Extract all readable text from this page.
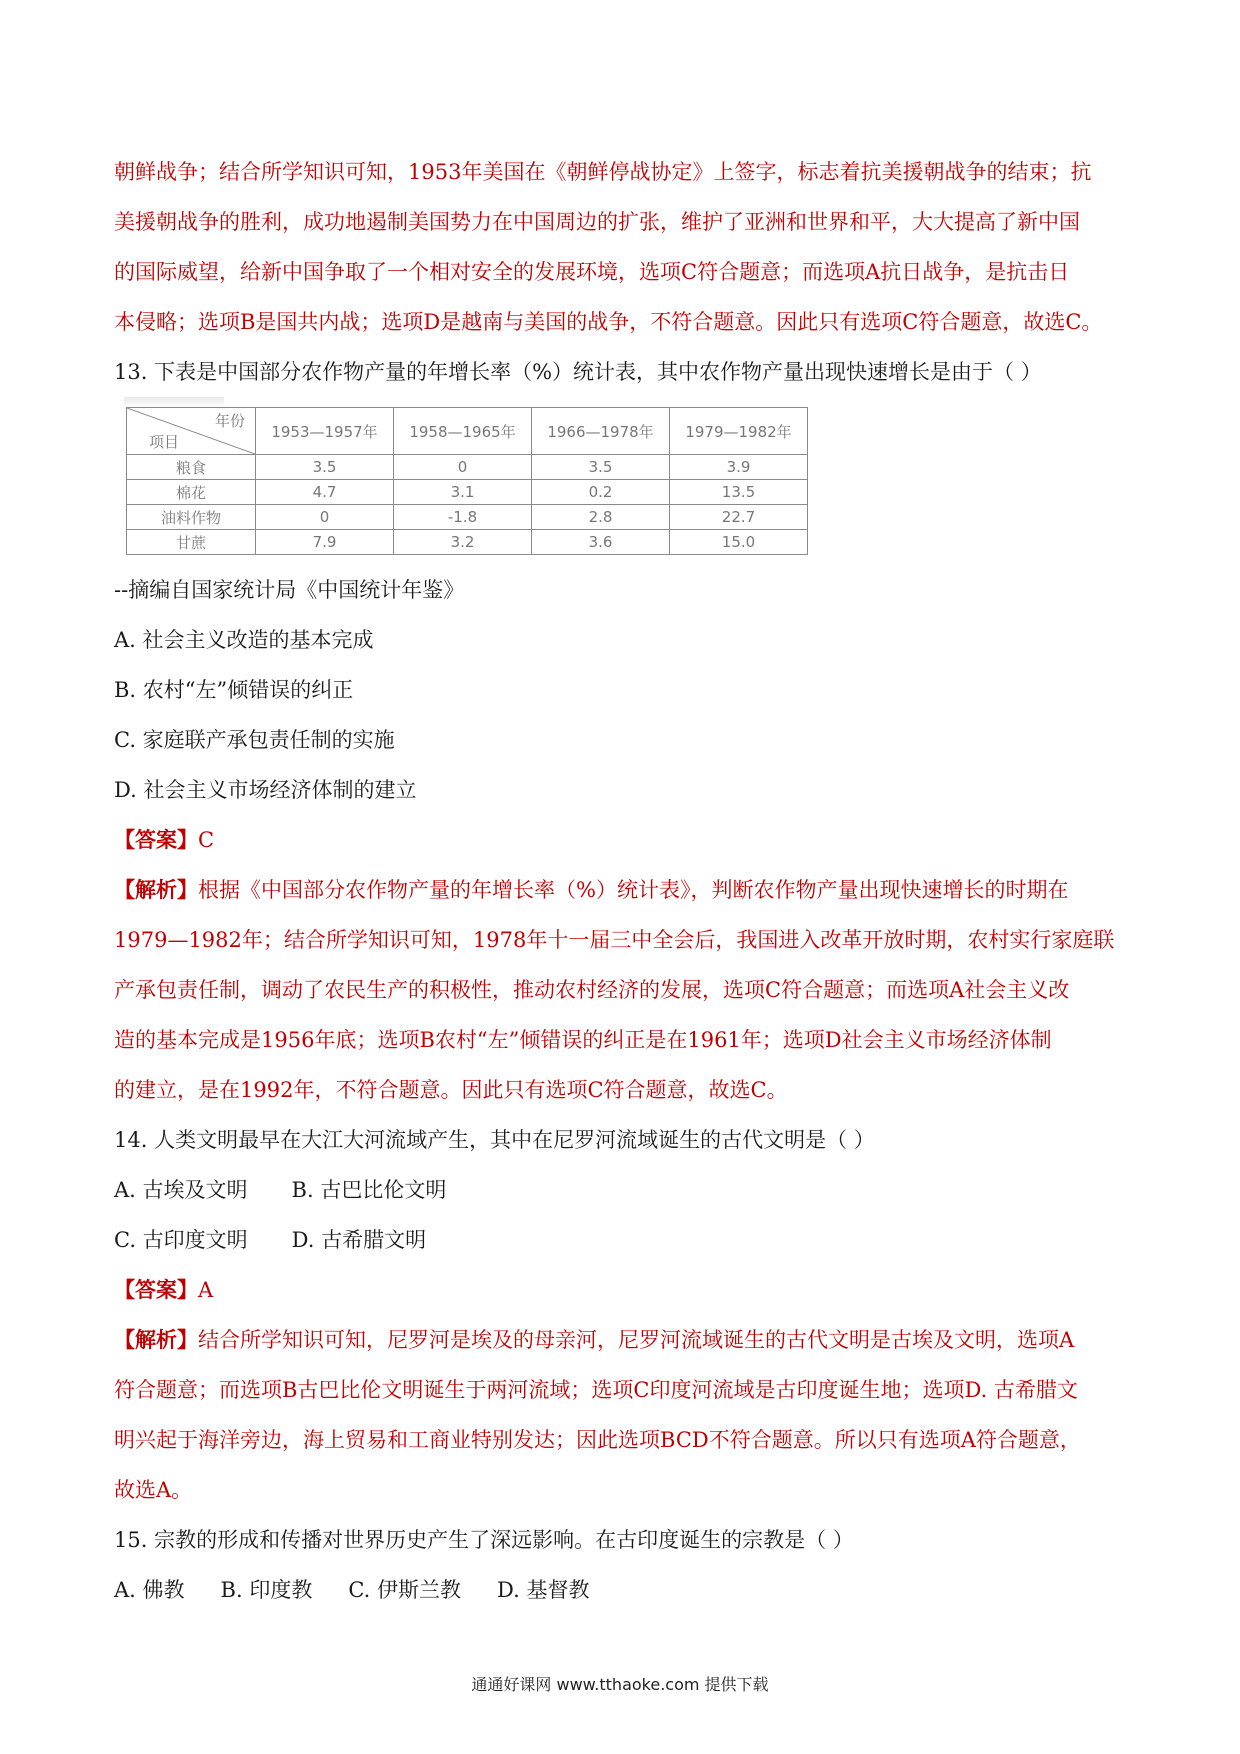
朝鲜战争；结合所学知识可知，1953年美国在《朝鲜停战协定》上签字，标志着抗美援朝战争的结束；抗
美援朝战争的胜利，成功地遏制美国势力在中国周边的扩张，维护了亚洲和世界和平，大大提高了新中国
的国际威望，给新中国争取了一个相对安全的发展环境，选项C符合题意；而选项A抗日战争，是抗击日
本侵略；选项B是国共内战；选项D是越南与美国的战争，不符合题意。因此只有选项C符合题意，故选C。
13. 下表是中国部分农作物产量的年增长率（%）统计表，其中农作物产量出现快速增长是由于（ ）
年份
项目	1953—1957年	1958—1965年	1966—1978年	1979—1982年
粮食	3.5	0	3.5	3.9
棉花	4.7	3.1	0.2	13.5
油料作物	0	-1.8	2.8	22.7
甘蔗	7.9	3.2	3.6	15.0
--摘编自国家统计局《中国统计年鉴》
A. 社会主义改造的基本完成
B. 农村“左”倾错误的纠正
C. 家庭联产承包责任制的实施
D. 社会主义市场经济体制的建立
【答案】C
【解析】根据《中国部分农作物产量的年增长率（%）统计表》，判断农作物产量出现快速增长的时期在
1979—1982年；结合所学知识可知，1978年十一届三中全会后，我国进入改革开放时期，农村实行家庭联
产承包责任制，调动了农民生产的积极性，推动农村经济的发展，选项C符合题意；而选项A社会主义改
造的基本完成是1956年底；选项B农村“左”倾错误的纠正是在1961年；选项D社会主义市场经济体制
的建立，是在1992年，不符合题意。因此只有选项C符合题意，故选C。
14. 人类文明最早在大江大河流域产生，其中在尼罗河流域诞生的古代文明是（ ）
A. 古埃及文明 B. 古巴比伦文明
C. 古印度文明 D. 古希腊文明
【答案】A
【解析】结合所学知识可知，尼罗河是埃及的母亲河，尼罗河流域诞生的古代文明是古埃及文明，选项A
符合题意；而选项B古巴比伦文明诞生于两河流域；选项C印度河流域是古印度诞生地；选项D. 古希腊文
明兴起于海洋旁边，海上贸易和工商业特别发达；因此选项BCD不符合题意。所以只有选项A符合题意，
故选A。
15. 宗教的形成和传播对世界历史产生了深远影响。在古印度诞生的宗教是（ ）
A. 佛教 B. 印度教 C. 伊斯兰教 D. 基督教
通通好课网 www.tthaoke.com 提供下载
